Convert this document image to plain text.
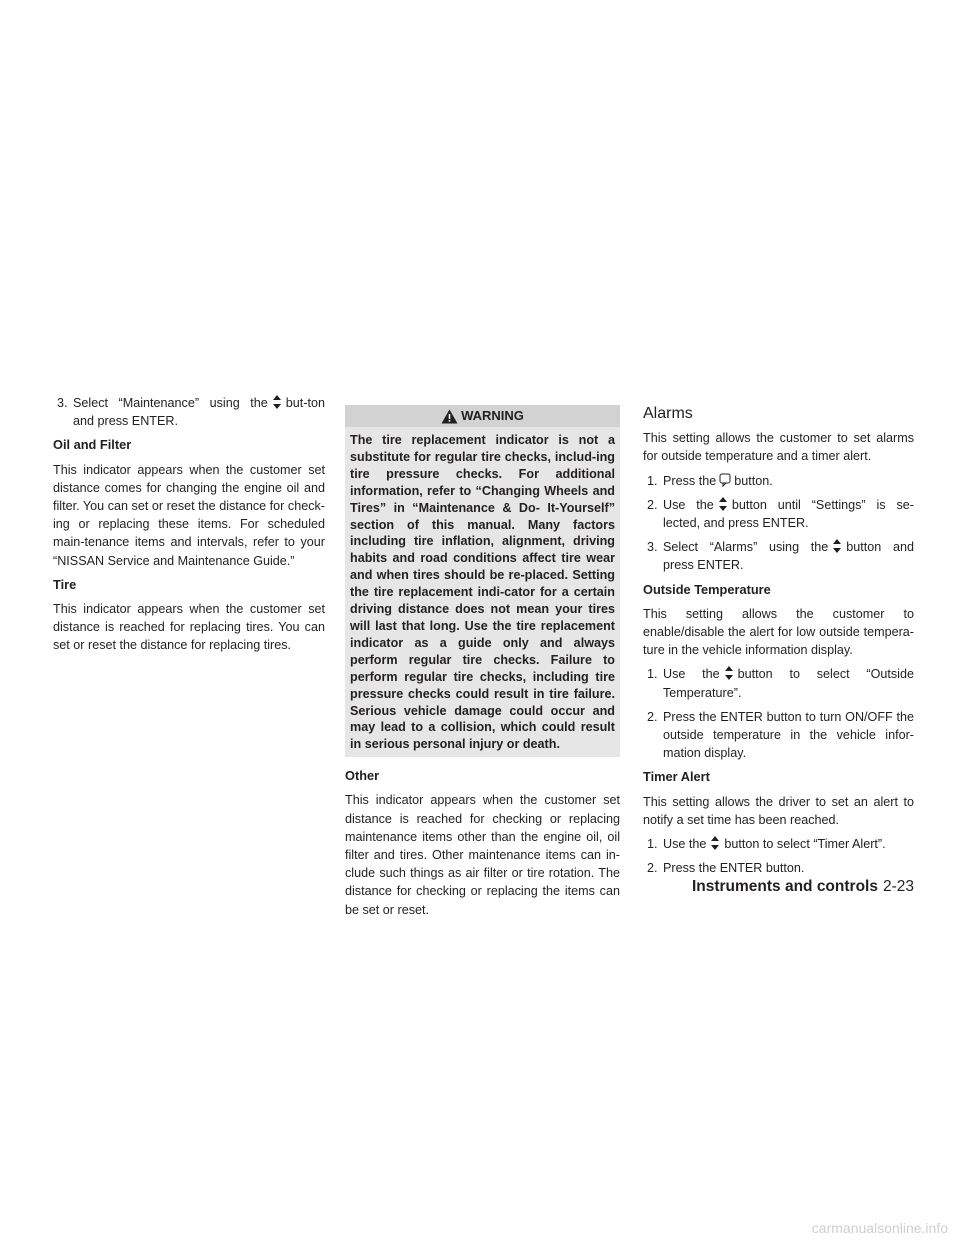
3. Select “Maintenance” using the but-ton and press ENTER.
Oil and Filter

This indicator appears when the customer set distance comes for changing the engine oil and filter. You can set or reset the distance for check-ing or replacing these items. For scheduled main-tenance items and intervals, refer to your “NISSAN Service and Maintenance Guide.”

Tire

This indicator appears when the customer set distance is reached for replacing tires. You can set or reset the distance for replacing tires.

WARNING
The tire replacement indicator is not a substitute for regular tire checks, includ-ing tire pressure checks. For additional information, refer to “Changing Wheels and Tires” in “Maintenance & Do- It-Yourself” section of this manual. Many factors including tire inflation, alignment, driving habits and road conditions affect tire wear and when tires should be re-placed. Setting the tire replacement indi-cator for a certain driving distance does not mean your tires will last that long. Use the tire replacement indicator as a guide only and always perform regular tire checks. Failure to perform regular tire checks, including tire pressure checks could result in tire failure. Serious vehicle damage could occur and may lead to a collision, which could result in serious personal injury or death.
Other

This indicator appears when the customer set distance is reached for checking or replacing maintenance items other than the engine oil, oil filter and tires. Other maintenance items can in-clude such things as air filter or tire rotation. The distance for checking or replacing the items can be set or reset.

Alarms

This setting allows the customer to set alarms for outside temperature and a timer alert.

1. Press the button.
2. Use the button until “Settings” is se-lected, and press ENTER.
3. Select “Alarms” using the button and press ENTER.
Outside Temperature

This setting allows the customer to enable/disable the alert for low outside tempera-ture in the vehicle information display.

1. Use the button to select “Outside Temperature”.
2. Press the ENTER button to turn ON/OFF the outside temperature in the vehicle infor-mation display.
Timer Alert

This setting allows the driver to set an alert to notify a set time has been reached.

1. Use the button to select “Timer Alert”.
2. Press the ENTER button.
Instruments and controls 2-23
carmanualsonline.info
